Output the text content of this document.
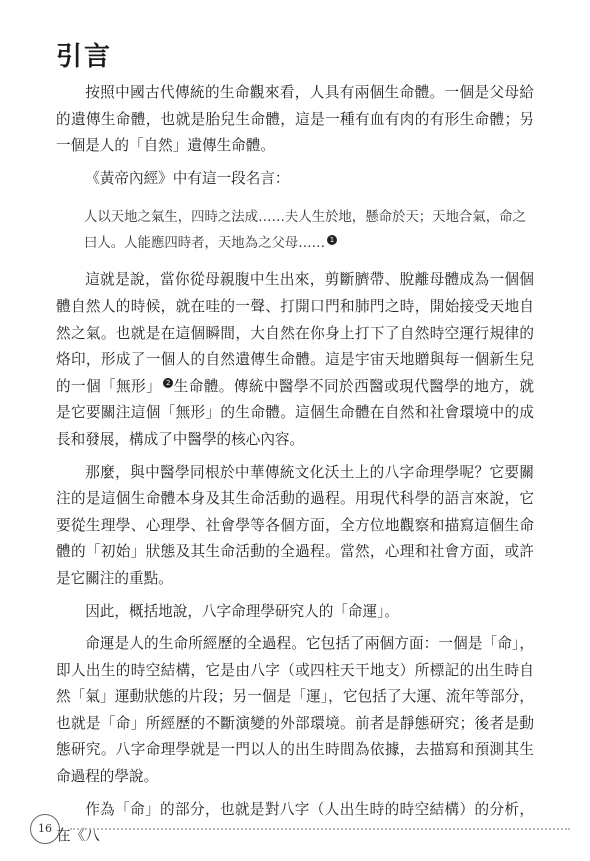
引言

按照中國古代傳統的生命觀來看，人具有兩個生命體。一個是父母給的遺傳生命體，也就是胎兒生命體，這是一種有血有肉的有形生命體；另一個是人的「自然」遺傳生命體。

《黃帝內經》中有這一段名言：

人以天地之氣生，四時之法成……夫人生於地，懸命於天；天地合氣，命之曰人。人能應四時者，天地為之父母…… 1

這就是說，當你從母親腹中生出來，剪斷臍帶、脫離母體成為一個個體自然人的時候，就在哇的一聲、打開口門和肺門之時，開始接受天地自然之氣。也就是在這個瞬間，大自然在你身上打下了自然時空運行規律的烙印，形成了一個人的自然遺傳生命體。這是宇宙天地贈與每一個新生兒的一個「無形」 2 生命體。傳統中醫學不同於西醫或現代醫學的地方，就是它要關注這個「無形」的生命體。這個生命體在自然和社會環境中的成長和發展，構成了中醫學的核心內容。

那麼，與中醫學同根於中華傳統文化沃土上的八字命理學呢？它要關注的是這個生命體本身及其生命活動的過程。用現代科學的語言來說，它要從生理學、心理學、社會學等各個方面，全方位地觀察和描寫這個生命體的「初始」狀態及其生命活動的全過程。當然，心理和社會方面，或許是它關注的重點。

因此，概括地說，八字命理學研究人的「命運」。

命運是人的生命所經歷的全過程。它包括了兩個方面：一個是「命」，即人出生的時空結構，它是由八字（或四柱天干地支）所標記的出生時自然「氣」運動狀態的片段；另一個是「運」，它包括了大運、流年等部分，也就是「命」所經歷的不斷演變的外部環境。前者是靜態研究；後者是動態研究。八字命理學就是一門以人的出生時間為依據，去描寫和預測其生命過程的學說。

作為「命」的部分，也就是對八字（人出生時的時空結構）的分析，在《八

16
